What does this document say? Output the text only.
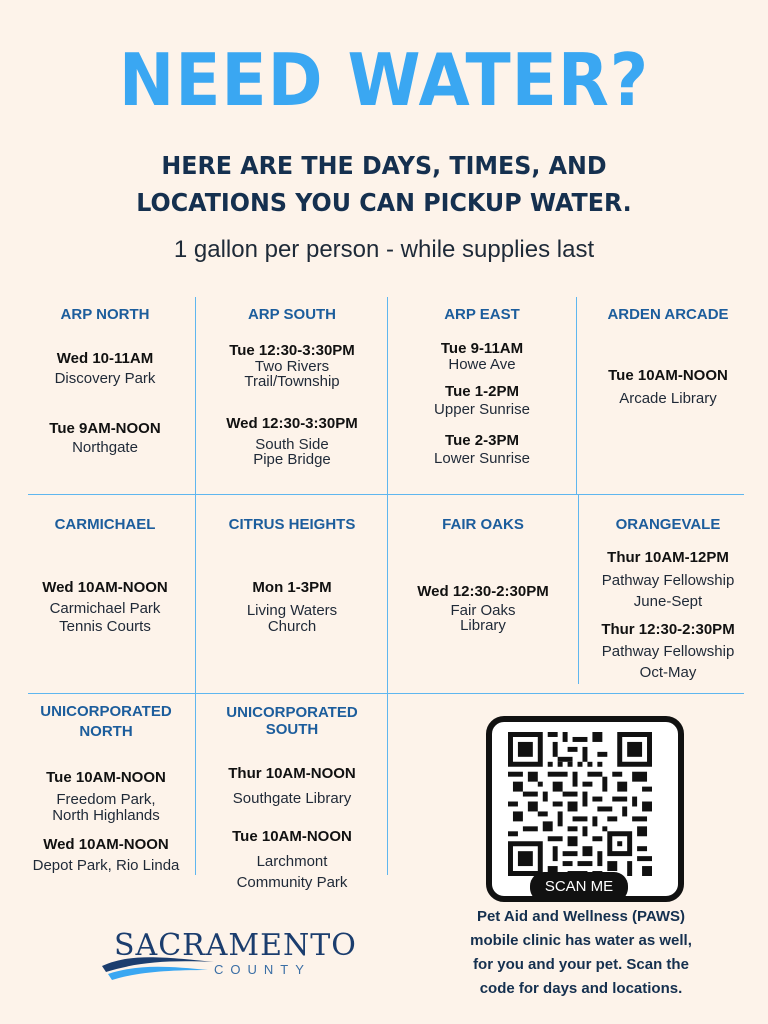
NEED WATER?
HERE ARE THE DAYS, TIMES, AND
LOCATIONS YOU CAN PICKUP WATER.
1 gallon per person - while supplies last
ARP NORTH
Wed 10-11AM
Discovery Park
Tue 9AM-NOON
Northgate
ARP SOUTH
Tue 12:30-3:30PM
Two Rivers
Trail/Township
Wed 12:30-3:30PM
South Side
Pipe Bridge
ARP EAST
Tue 9-11AM
Howe Ave
Tue 1-2PM
Upper Sunrise
Tue 2-3PM
Lower Sunrise
ARDEN ARCADE
Tue 10AM-NOON
Arcade Library
CARMICHAEL
Wed 10AM-NOON
Carmichael Park
Tennis Courts
CITRUS HEIGHTS
Mon 1-3PM
Living Waters
Church
FAIR OAKS
Wed 12:30-2:30PM
Fair Oaks
Library
ORANGEVALE
Thur 10AM-12PM
Pathway Fellowship
June-Sept
Thur 12:30-2:30PM
Pathway Fellowship
Oct-May
UNICORPORATED
NORTH
Tue 10AM-NOON
Freedom Park,
North Highlands
Wed 10AM-NOON
Depot Park, Rio Linda
UNICORPORATED
SOUTH
Thur 10AM-NOON
Southgate Library
Tue 10AM-NOON
Larchmont
Community Park	SCAN ME
Pet Aid and Wellness (PAWS)
mobile clinic has water as well,
for you and your pet. Scan the
code for days and locations.
SACRAMENTO
COUNTY
